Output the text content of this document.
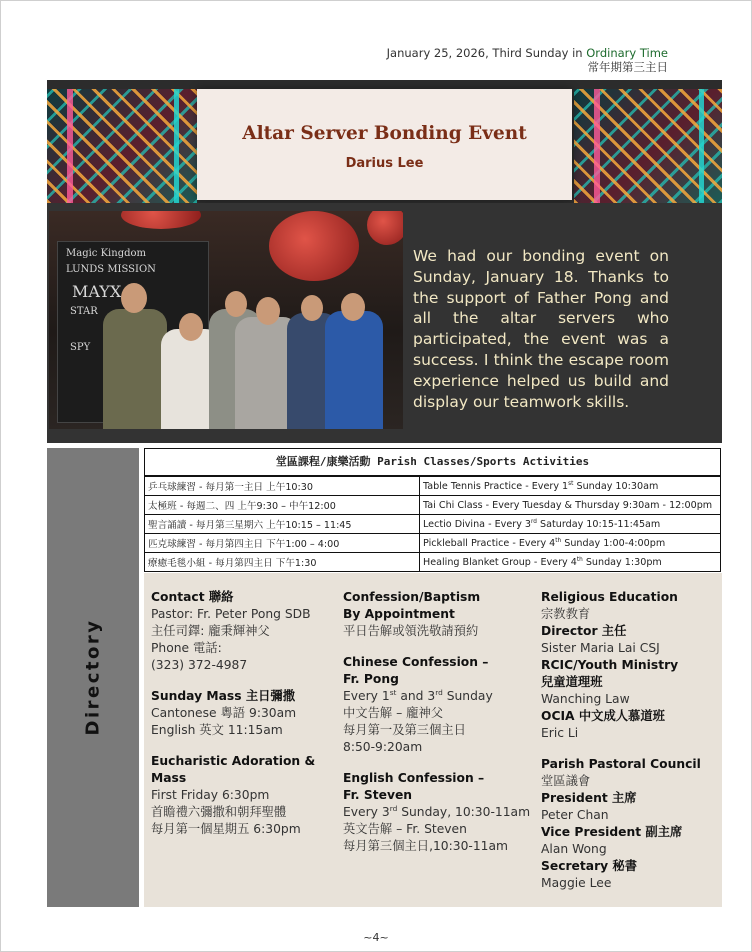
January 25, 2026, Third Sunday in Ordinary Time
常年期第三主日
Altar Server Bonding Event
Darius Lee
Magic Kingdom
LUNDS MISSION
MAYX
STAR
SPY
We had our bonding event on Sunday, January 18. Thanks to the support of Father Pong and all the altar servers who participated, the event was a success. I think the escape room experience helped us build and display our teamwork skills.
Directory
堂區課程/康樂活動 Parish Classes/Sports Activities
乒乓球練習 - 每月第一主日 上午10:30	Table Tennis Practice - Every 1st Sunday 10:30am
太極班 - 每週二、四 上午9:30 – 中午12:00	Tai Chi Class - Every Tuesday & Thursday 9:30am - 12:00pm
聖言誦讀 - 每月第三星期六 上午10:15 – 11:45	Lectio Divina - Every 3rd Saturday 10:15-11:45am
匹克球練習 - 每月第四主日 下午1:00 – 4:00	Pickleball Practice - Every 4th Sunday 1:00-4:00pm
療癒毛毯小組 - 每月第四主日 下午1:30	Healing Blanket Group - Every 4th Sunday 1:30pm
Contact 聯絡
Pastor: Fr. Peter Pong SDB
主任司鐸: 龐秉輝神父
Phone 電話:
(323) 372-4987
Sunday Mass 主日彌撒
Cantonese 粵語 9:30am
English 英文 11:15am
Eucharistic Adoration & Mass
First Friday 6:30pm
首瞻禮六彌撒和朝拜聖體
每月第一個星期五 6:30pm
Confession/Baptism
By Appointment
平日告解或領洗敬請預約
Chinese Confession –
Fr. Pong
Every 1st and 3rd Sunday
中文告解 – 龐神父
每月第一及第三個主日
8:50-9:20am
English Confession –
Fr. Steven
Every 3rd Sunday, 10:30-11am
英文告解 – Fr. Steven
每月第三個主日,10:30-11am
Religious Education
宗教教育
Director 主任
Sister Maria Lai CSJ
RCIC/Youth Ministry
兒童道理班
Wanching Law
OCIA 中文成人慕道班
Eric Li
Parish Pastoral Council
堂區議會
President 主席
Peter Chan
Vice President 副主席
Alan Wong
Secretary 秘書
Maggie Lee
~4~
